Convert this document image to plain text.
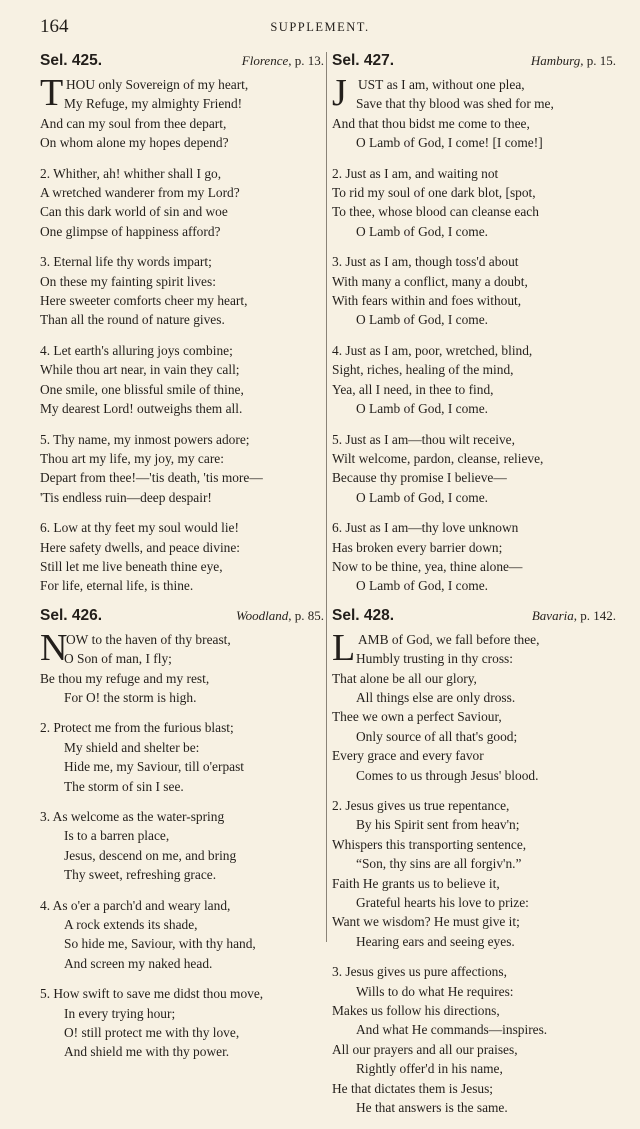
164	SUPPLEMENT.
Sel. 425.	Florence, p. 13.
T HOU only Sovereign of my heart,
My Refuge, my almighty Friend!
And can my soul from thee depart,
On whom alone my hopes depend?
2. Whither, ah! whither shall I go,
A wretched wanderer from my Lord?
Can this dark world of sin and woe
One glimpse of happiness afford?
3. Eternal life thy words impart;
On these my fainting spirit lives:
Here sweeter comforts cheer my heart,
Than all the round of nature gives.
4. Let earth's alluring joys combine;
While thou art near, in vain they call;
One smile, one blissful smile of thine,
My dearest Lord! outweighs them all.
5. Thy name, my inmost powers adore;
Thou art my life, my joy, my care:
Depart from thee!—'tis death, 'tis more—
'Tis endless ruin—deep despair!
6. Low at thy feet my soul would lie!
Here safety dwells, and peace divine:
Still let me live beneath thine eye,
For life, eternal life, is thine.
Sel. 426.	Woodland, p. 85.
N
OW to the haven of thy breast,
O Son of man, I fly;
Be thou my refuge and my rest,
For O! the storm is high.
2. Protect me from the furious blast;
My shield and shelter be:
Hide me, my Saviour, till o'erpast
The storm of sin I see.
3. As welcome as the water-spring
Is to a barren place,
Jesus, descend on me, and bring
Thy sweet, refreshing grace.
4. As o'er a parch'd and weary land,
A rock extends its shade,
So hide me, Saviour, with thy hand,
And screen my naked head.
5. How swift to save me didst thou move,
In every trying hour;
O! still protect me with thy love,
And shield me with thy power.
Sel. 427.	Hamburg, p. 15.
J UST as I am, without one plea,
Save that thy blood was shed for me,
And that thou bidst me come to thee,
O Lamb of God, I come! [I come!]
2. Just as I am, and waiting not
To rid my soul of one dark blot, [spot,
To thee, whose blood can cleanse each
O Lamb of God, I come.
3. Just as I am, though toss'd about
With many a conflict, many a doubt,
With fears within and foes without,
O Lamb of God, I come.
4. Just as I am, poor, wretched, blind,
Sight, riches, healing of the mind,
Yea, all I need, in thee to find,
O Lamb of God, I come.
5. Just as I am—thou wilt receive,
Wilt welcome, pardon, cleanse, relieve,
Because thy promise I believe—
O Lamb of God, I come.
6. Just as I am—thy love unknown
Has broken every barrier down;
Now to be thine, yea, thine alone—
O Lamb of God, I come.
Sel. 428.	Bavaria, p. 142.
L AMB of God, we fall before thee,
Humbly trusting in thy cross:
That alone be all our glory,
All things else are only dross.
Thee we own a perfect Saviour,
Only source of all that's good;
Every grace and every favor
Comes to us through Jesus' blood.
2. Jesus gives us true repentance,
By his Spirit sent from heav'n;
Whispers this transporting sentence,
“Son, thy sins are all forgiv'n.”
Faith He grants us to believe it,
Grateful hearts his love to prize:
Want we wisdom? He must give it;
Hearing ears and seeing eyes.
3. Jesus gives us pure affections,
Wills to do what He requires:
Makes us follow his directions,
And what He commands—inspires.
All our prayers and all our praises,
Rightly offer'd in his name,
He that dictates them is Jesus;
He that answers is the same.
